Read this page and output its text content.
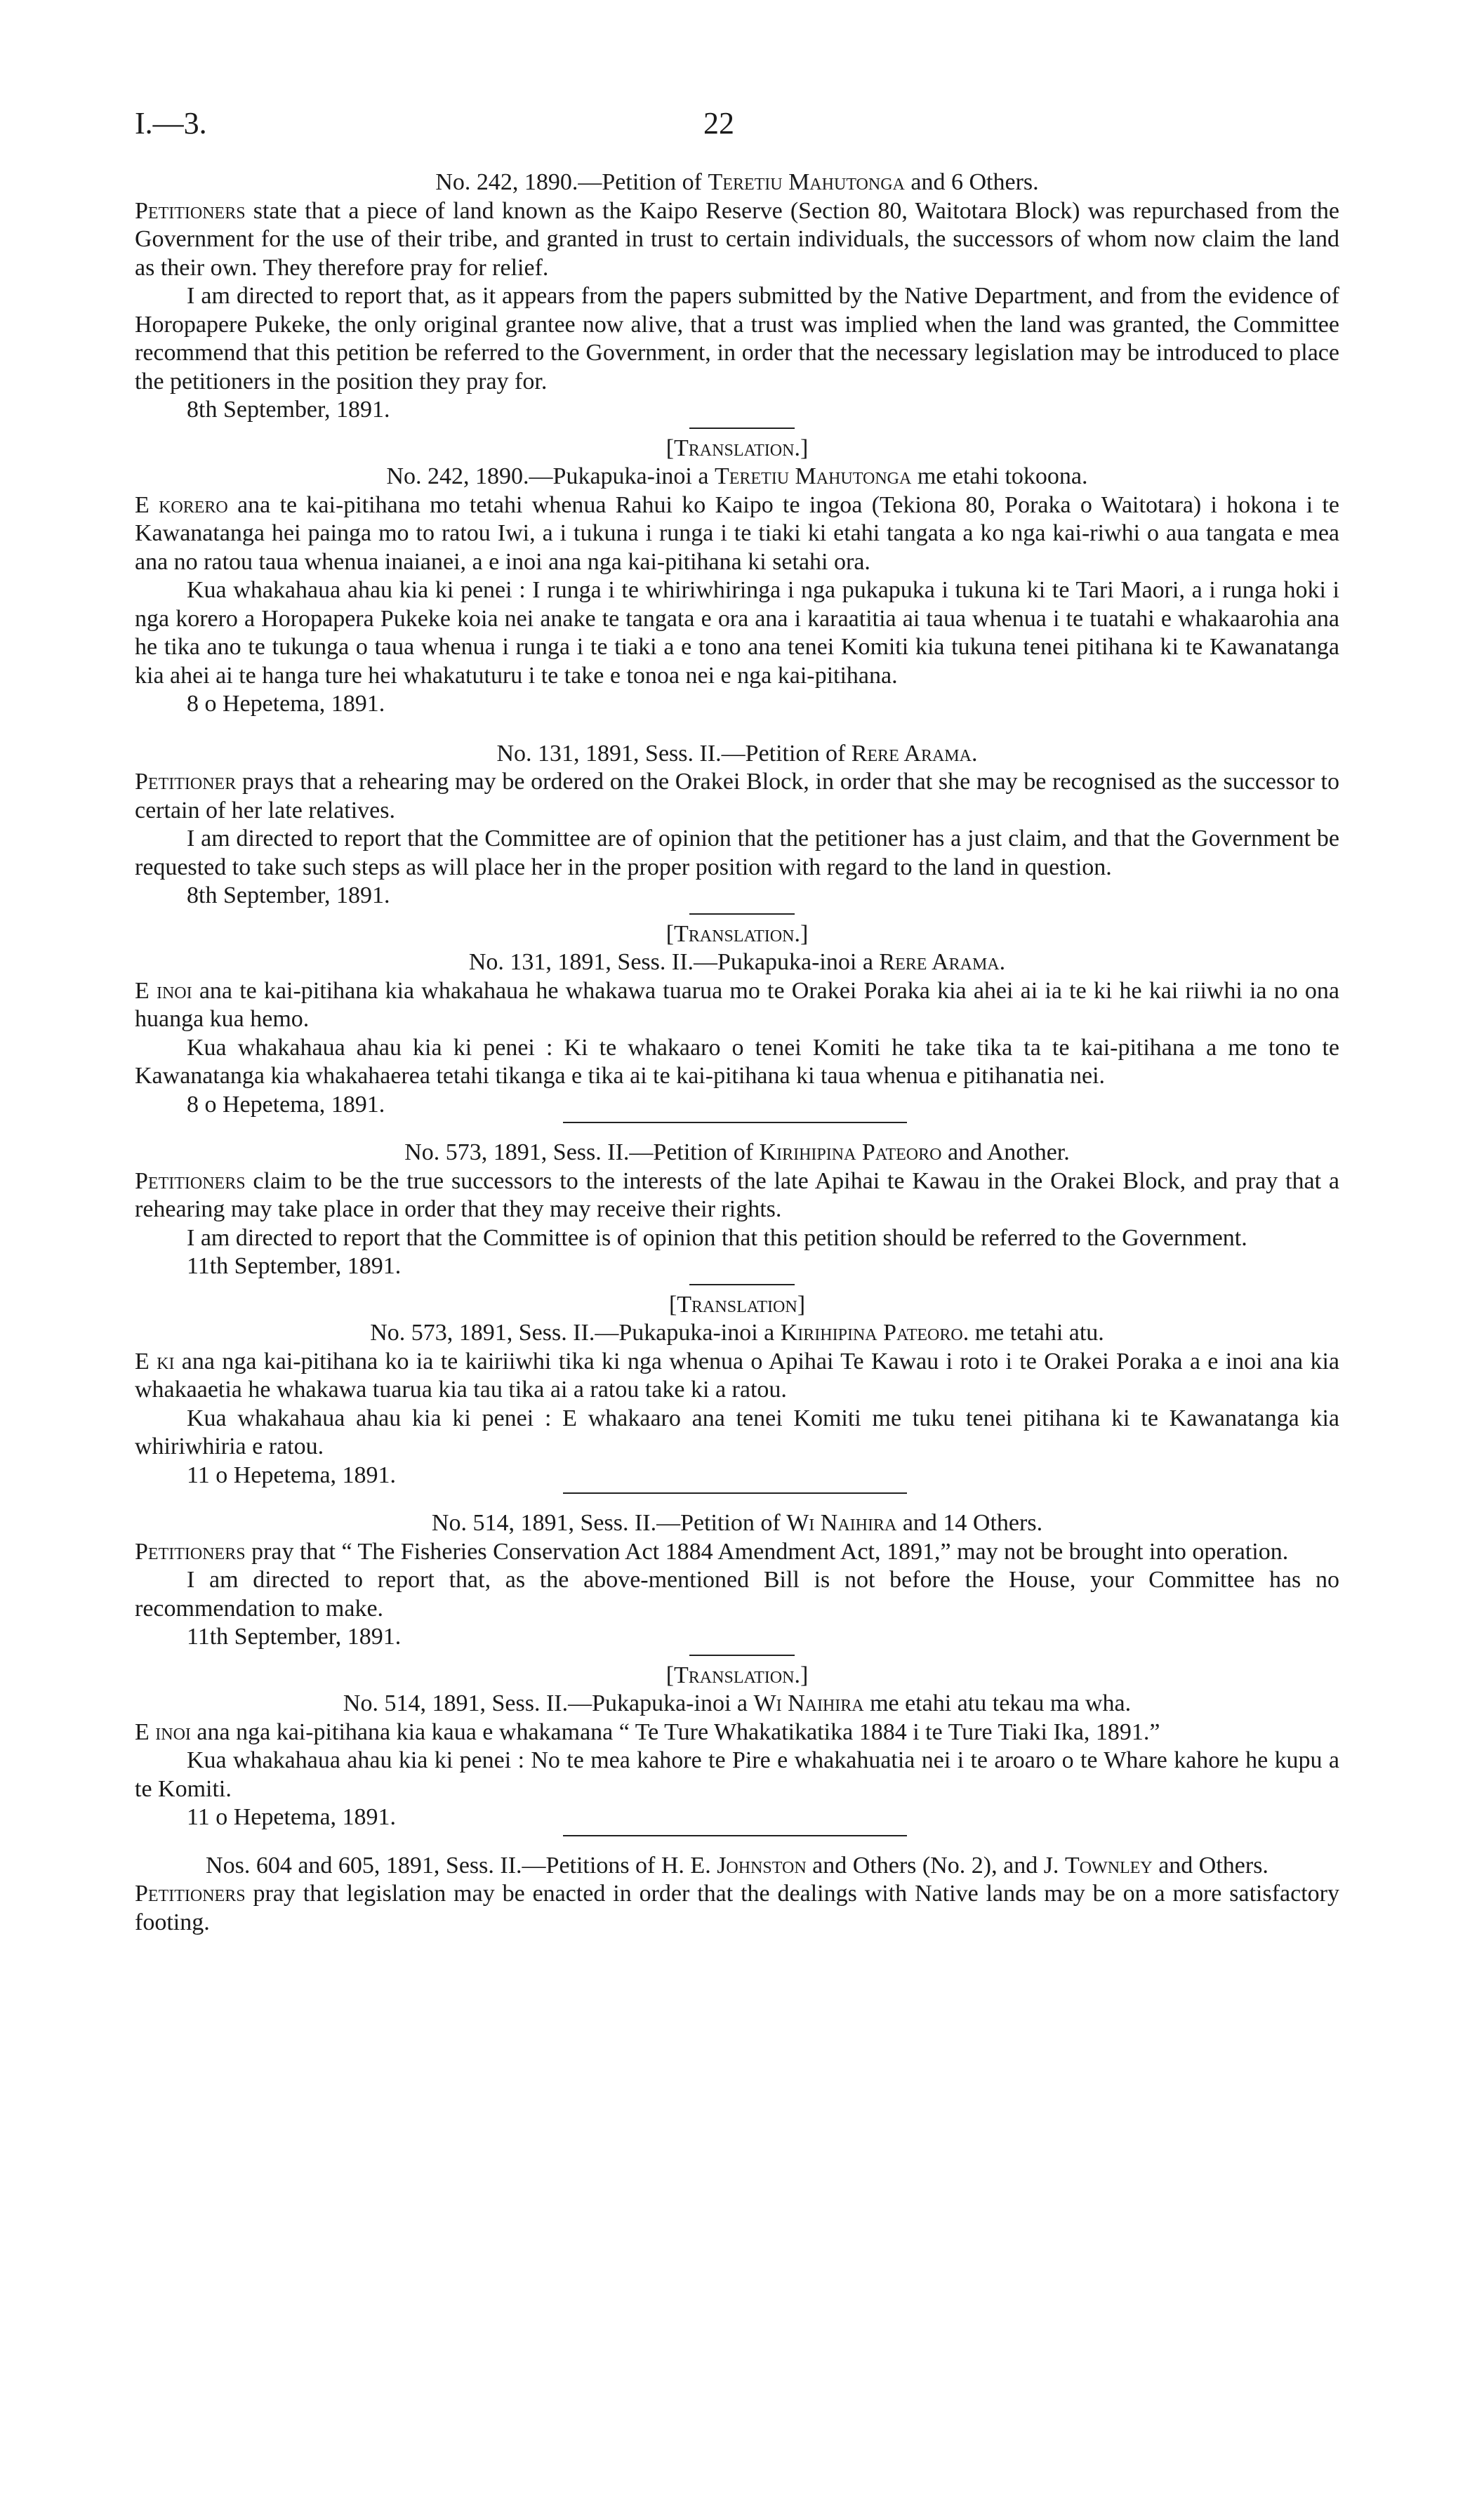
I.—3.	22

No. 242, 1890.—Petition of Teretiu Mahutonga and 6 Others.

Petitioners state that a piece of land known as the Kaipo Reserve (Section 80, Waitotara Block) was repurchased from the Government for the use of their tribe, and granted in trust to certain individuals, the successors of whom now claim the land as their own. They therefore pray for relief.

I am directed to report that, as it appears from the papers submitted by the Native Department, and from the evidence of Horopapere Pukeke, the only original grantee now alive, that a trust was implied when the land was granted, the Committee recommend that this petition be referred to the Government, in order that the necessary legislation may be introduced to place the petitioners in the position they pray for.

8th September, 1891.

[Translation.]

No. 242, 1890.—Pukapuka-inoi a Teretiu Mahutonga me etahi tokoona.

E korero ana te kai-pitihana mo tetahi whenua Rahui ko Kaipo te ingoa (Tekiona 80, Poraka o Waitotara) i hokona i te Kawanatanga hei painga mo to ratou Iwi, a i tukuna i runga i te tiaki ki etahi tangata a ko nga kai-riwhi o aua tangata e mea ana no ratou taua whenua inaianei, a e inoi ana nga kai-pitihana ki setahi ora.

Kua whakahaua ahau kia ki penei : I runga i te whiriwhiringa i nga pukapuka i tukuna ki te Tari Maori, a i runga hoki i nga korero a Horopapera Pukeke koia nei anake te tangata e ora ana i karaatitia ai taua whenua i te tuatahi e whakaarohia ana he tika ano te tukunga o taua whenua i runga i te tiaki a e tono ana tenei Komiti kia tukuna tenei pitihana ki te Kawanatanga kia ahei ai te hanga ture hei whakatuturu i te take e tonoa nei e nga kai-pitihana.

8 o Hepetema, 1891.

No. 131, 1891, Sess. II.—Petition of Rere Arama.

Petitioner prays that a rehearing may be ordered on the Orakei Block, in order that she may be recognised as the successor to certain of her late relatives.

I am directed to report that the Committee are of opinion that the petitioner has a just claim, and that the Government be requested to take such steps as will place her in the proper position with regard to the land in question.

8th September, 1891.

[Translation.]

No. 131, 1891, Sess. II.—Pukapuka-inoi a Rere Arama.

E inoi ana te kai-pitihana kia whakahaua he whakawa tuarua mo te Orakei Poraka kia ahei ai ia te ki he kai riiwhi ia no ona huanga kua hemo.

Kua whakahaua ahau kia ki penei : Ki te whakaaro o tenei Komiti he take tika ta te kai-pitihana a me tono te Kawanatanga kia whakahaerea tetahi tikanga e tika ai te kai-pitihana ki taua whenua e pitihanatia nei.

8 o Hepetema, 1891.

No. 573, 1891, Sess. II.—Petition of Kirihipina Pateoro and Another.

Petitioners claim to be the true successors to the interests of the late Apihai te Kawau in the Orakei Block, and pray that a rehearing may take place in order that they may receive their rights.

I am directed to report that the Committee is of opinion that this petition should be referred to the Government.

11th September, 1891.

[Translation]

No. 573, 1891, Sess. II.—Pukapuka-inoi a Kirihipina Pateoro. me tetahi atu.

E ki ana nga kai-pitihana ko ia te kairiiwhi tika ki nga whenua o Apihai Te Kawau i roto i te Orakei Poraka a e inoi ana kia whakaaetia he whakawa tuarua kia tau tika ai a ratou take ki a ratou.

Kua whakahaua ahau kia ki penei : E whakaaro ana tenei Komiti me tuku tenei pitihana ki te Kawanatanga kia whiriwhiria e ratou.

11 o Hepetema, 1891.

No. 514, 1891, Sess. II.—Petition of Wi Naihira and 14 Others.

Petitioners pray that “ The Fisheries Conservation Act 1884 Amendment Act, 1891,” may not be brought into operation.

I am directed to report that, as the above-mentioned Bill is not before the House, your Committee has no recommendation to make.

11th September, 1891.

[Translation.]

No. 514, 1891, Sess. II.—Pukapuka-inoi a Wi Naihira me etahi atu tekau ma wha.

E inoi ana nga kai-pitihana kia kaua e whakamana “ Te Ture Whakatikatika 1884 i te Ture Tiaki Ika, 1891.”

Kua whakahaua ahau kia ki penei : No te mea kahore te Pire e whakahuatia nei i te aroaro o te Whare kahore he kupu a te Komiti.

11 o Hepetema, 1891.

Nos. 604 and 605, 1891, Sess. II.—Petitions of H. E. Johnston and Others (No. 2), and J. Townley and Others.

Petitioners pray that legislation may be enacted in order that the dealings with Native lands may be on a more satisfactory footing.
